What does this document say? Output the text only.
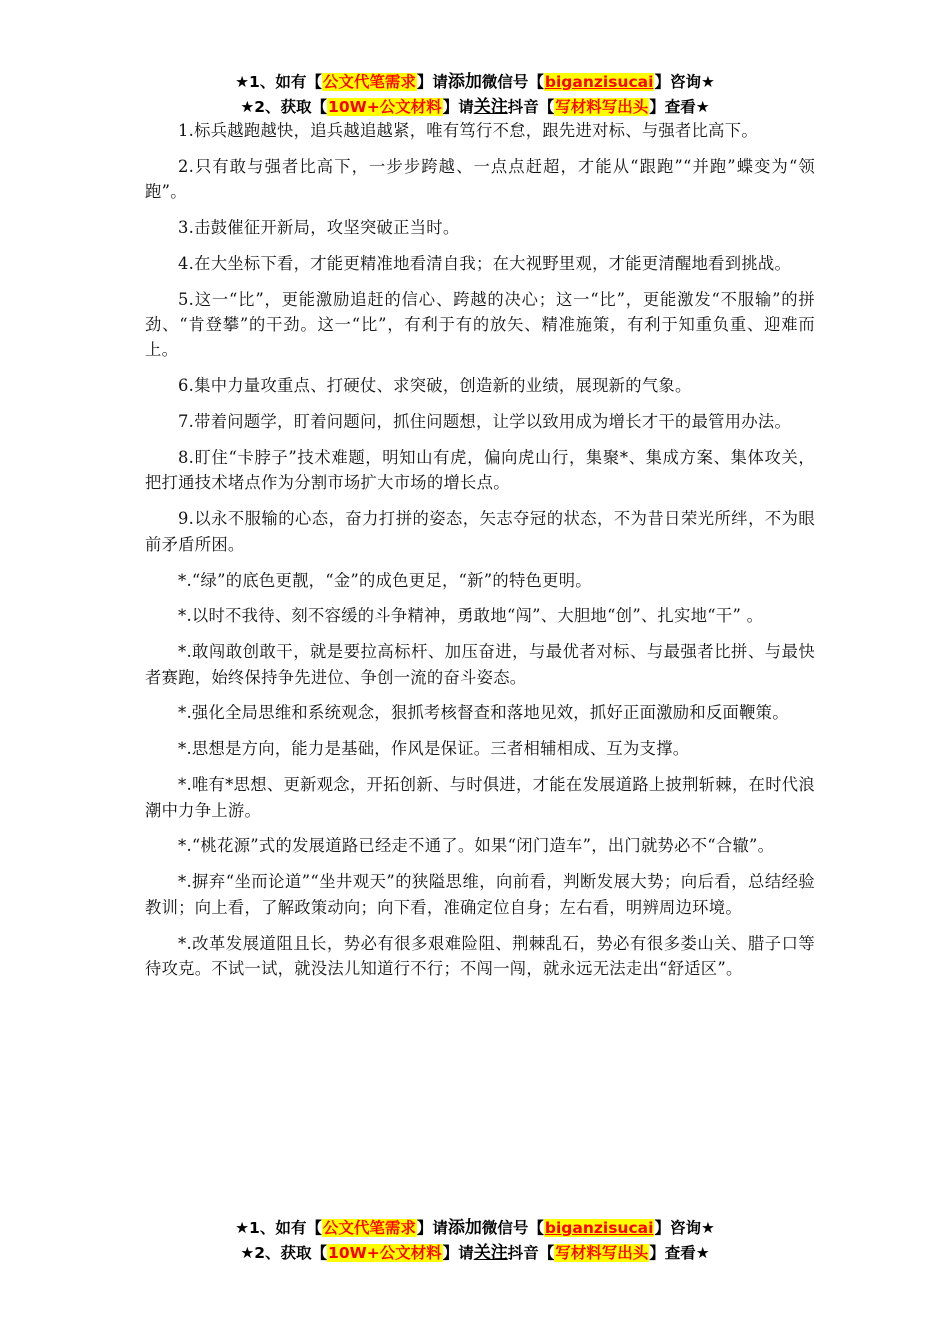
★1、如有【公文代笔需求】请添加微信号【biganzisucai】咨询★
★2、获取【10W+公文材料】请关注抖音【写材料写出头】查看★

1.标兵越跑越快，追兵越追越紧，唯有笃行不怠，跟先进对标、与强者比高下。

2.只有敢与强者比高下，一步步跨越、一点点赶超，才能从“跟跑”“并跑”蝶变为“领跑”。

3.击鼓催征开新局，攻坚突破正当时。

4.在大坐标下看，才能更精准地看清自我；在大视野里观，才能更清醒地看到挑战。

5.这一“比”，更能激励追赶的信心、跨越的决心；这一“比”，更能激发“不服输”的拼劲、“肯登攀”的干劲。这一“比”，有利于有的放矢、精准施策，有利于知重负重、迎难而上。

6.集中力量攻重点、打硬仗、求突破，创造新的业绩，展现新的气象。

7.带着问题学，盯着问题问，抓住问题想，让学以致用成为增长才干的最管用办法。

8.盯住“卡脖子”技术难题，明知山有虎，偏向虎山行，集聚*、集成方案、集体攻关，把打通技术堵点作为分割市场扩大市场的增长点。

9.以永不服输的心态，奋力打拼的姿态，矢志夺冠的状态，不为昔日荣光所绊，不为眼前矛盾所困。

*.“绿”的底色更靓，“金”的成色更足，“新”的特色更明。

*.以时不我待、刻不容缓的斗争精神，勇敢地“闯”、大胆地“创”、扎实地“干” 。

*.敢闯敢创敢干，就是要拉高标杆、加压奋进，与最优者对标、与最强者比拼、与最快者赛跑，始终保持争先进位、争创一流的奋斗姿态。

*.强化全局思维和系统观念，狠抓考核督查和落地见效，抓好正面激励和反面鞭策。

*.思想是方向，能力是基础，作风是保证。三者相辅相成、互为支撑。

*.唯有*思想、更新观念，开拓创新、与时俱进，才能在发展道路上披荆斩棘，在时代浪潮中力争上游。

*.“桃花源”式的发展道路已经走不通了。如果“闭门造车”，出门就势必不“合辙”。

*.摒弃“坐而论道”“坐井观天”的狭隘思维，向前看，判断发展大势；向后看，总结经验教训；向上看，了解政策动向；向下看，准确定位自身；左右看，明辨周边环境。

*.改革发展道阻且长，势必有很多艰难险阻、荆棘乱石，势必有很多娄山关、腊子口等待攻克。不试一试，就没法儿知道行不行；不闯一闯，就永远无法走出“舒适区”。

★1、如有【公文代笔需求】请添加微信号【biganzisucai】咨询★
★2、获取【10W+公文材料】请关注抖音【写材料写出头】查看★
